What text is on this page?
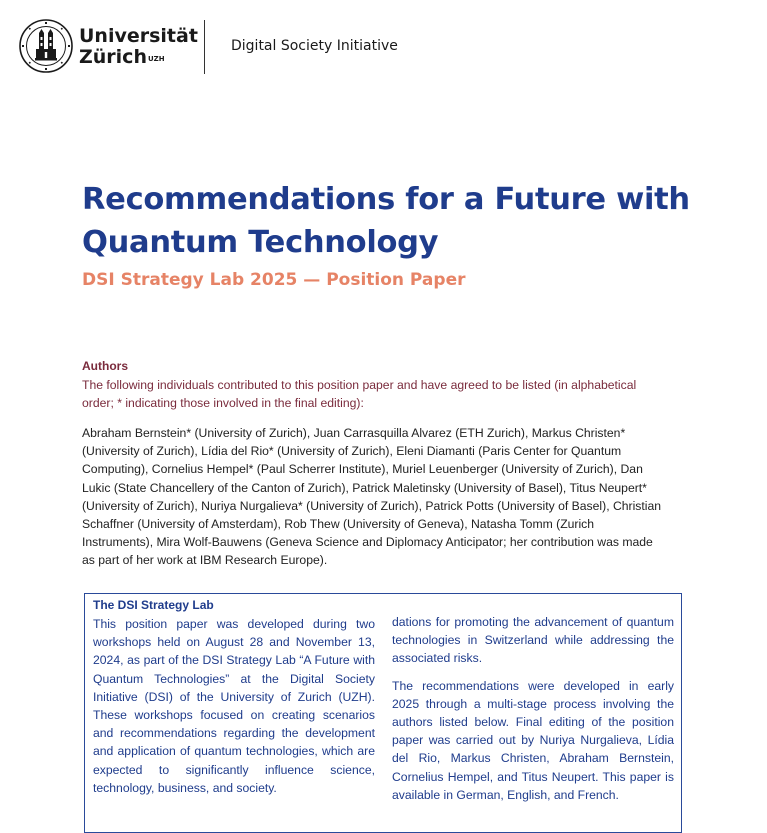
Universität
Zürich$^{UZH}$
Digital Society Initiative
Recommendations for a Future with Quantum Technology
DSI Strategy Lab 2025 — Position Paper
Authors
The following individuals contributed to this position paper and have agreed to be listed (in alphabetical order; * indicating those involved in the final editing):
Abraham Bernstein* (University of Zurich), Juan Carrasquilla Alvarez (ETH Zurich), Markus Christen* (University of Zurich), Lídia del Rio* (University of Zurich), Eleni Diamanti (Paris Center for Quantum Computing), Cornelius Hempel* (Paul Scherrer Institute), Muriel Leuenberger (University of Zurich), Dan Lukic (State Chancellery of the Canton of Zurich), Patrick Maletinsky (University of Basel), Titus Neupert* (University of Zurich), Nuriya Nurgalieva* (University of Zurich), Patrick Potts (University of Basel), Christian Schaffner (University of Amsterdam), Rob Thew (University of Geneva), Natasha Tomm (Zurich Instruments), Mira Wolf-Bauwens (Geneva Science and Diplomacy Anticipator; her contribution was made as part of her work at IBM Research Europe).
The DSI Strategy Lab

This position paper was developed during two workshops held on August 28 and November 13, 2024, as part of the DSI Strategy Lab “A Future with Quantum Technologies” at the Digital Society Initiative (DSI) of the University of Zurich (UZH). These workshops focused on creating scenarios and recommendations regarding the development and application of quantum technologies, which are expected to significantly influence science, technology, business, and society.

dations for promoting the advancement of quantum technologies in Switzerland while addressing the associated risks.

The recommendations were developed in early 2025 through a multi-stage process involving the authors listed below. Final editing of the position paper was carried out by Nuriya Nurgalieva, Lídia del Rio, Markus Christen, Abraham Bernstein, Cornelius Hempel, and Titus Neupert. This paper is available in German, English, and French.
